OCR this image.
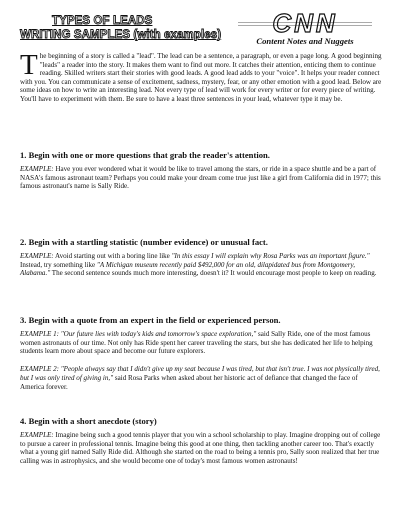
TYPES OF LEADS
WRITING SAMPLES (with examples)	CNN
Content Notes and Nuggets
The beginning of a story is called a "lead". The lead can be a sentence, a paragraph, or even a page long. A good beginning "leads" a reader into the story. It makes them want to find out more. It catches their attention, enticing them to continue reading. Skilled writers start their stories with good leads. A good lead adds to your "voice". It helps your reader connect with you. You can communicate a sense of excitement, sadness, mystery, fear, or any other emotion with a good lead. Below are some ideas on how to write an interesting lead. Not every type of lead will work for every writer or for every piece of writing. You'll have to experiment with them. Be sure to have a least three sentences in your lead, whatever type it may be.
1. Begin with one or more questions that grab the reader's attention.

EXAMPLE: Have you ever wondered what it would be like to travel among the stars, or ride in a space shuttle and be a part of NASA's famous astronaut team? Perhaps you could make your dream come true just like a girl from California did in 1977; this famous astronaut's name is Sally Ride.

2. Begin with a startling statistic (number evidence) or unusual fact.

EXAMPLE: Avoid starting out with a boring line like "In this essay I will explain why Rosa Parks was an important figure." Instead, try something like "A Michigan museum recently paid $492,000 for an old, dilapidated bus from Montgomery, Alabama." The second sentence sounds much more interesting, doesn't it? It would encourage most people to keep on reading.

3. Begin with a quote from an expert in the field or experienced person.

EXAMPLE 1: "Our future lies with today's kids and tomorrow's space exploration," said Sally Ride, one of the most famous women astronauts of our time. Not only has Ride spent her career traveling the stars, but she has dedicated her life to helping students learn more about space and become our future explorers.

EXAMPLE 2: "People always say that I didn't give up my seat because I was tired, but that isn't true. I was not physically tired, but I was only tired of giving in," said Rosa Parks when asked about her historic act of defiance that changed the face of America forever.

4. Begin with a short anecdote (story)

EXAMPLE: Imagine being such a good tennis player that you win a school scholarship to play. Imagine dropping out of college to pursue a career in professional tennis. Imagine being this good at one thing, then tackling another career too. That's exactly what a young girl named Sally Ride did. Although she started on the road to being a tennis pro, Sally soon realized that her true calling was in astrophysics, and she would become one of today's most famous women astronauts!
